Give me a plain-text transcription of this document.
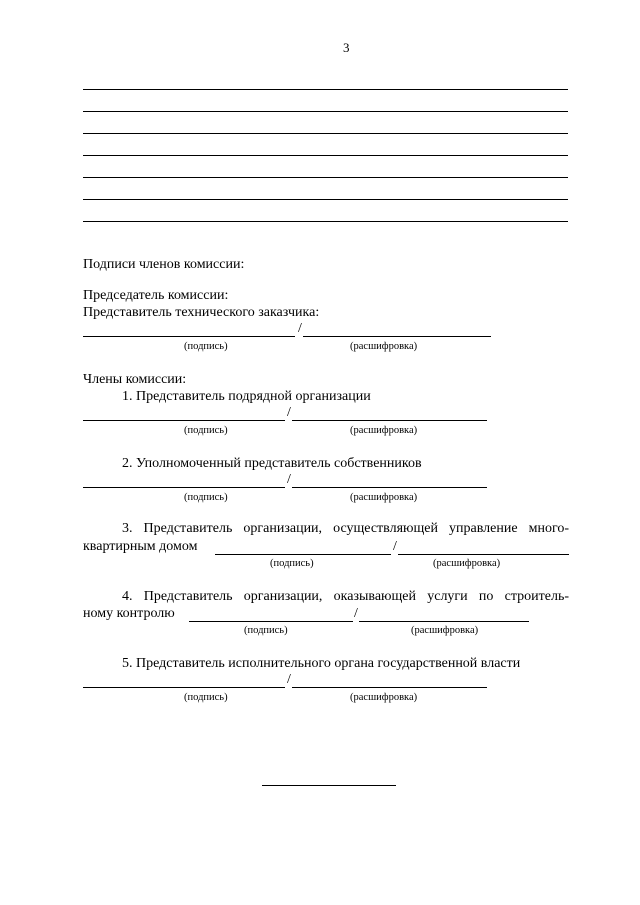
3
Подписи членов комиссии:
Председатель комиссии:
Представитель технического заказчика:
/
(подпись)	(расшифровка)
Члены комиссии:
1. Представитель подрядной организации
/
(подпись)	(расшифровка)
2. Уполномоченный представитель собственников
/
(подпись)	(расшифровка)
3. Представитель организации, осуществляющей управление много-
квартирным домом	/
(подпись)	(расшифровка)
4. Представитель организации, оказывающей услуги по строитель-
ному контролю	/
(подпись)	(расшифровка)
5. Представитель исполнительного органа государственной власти
/
(подпись)	(расшифровка)
